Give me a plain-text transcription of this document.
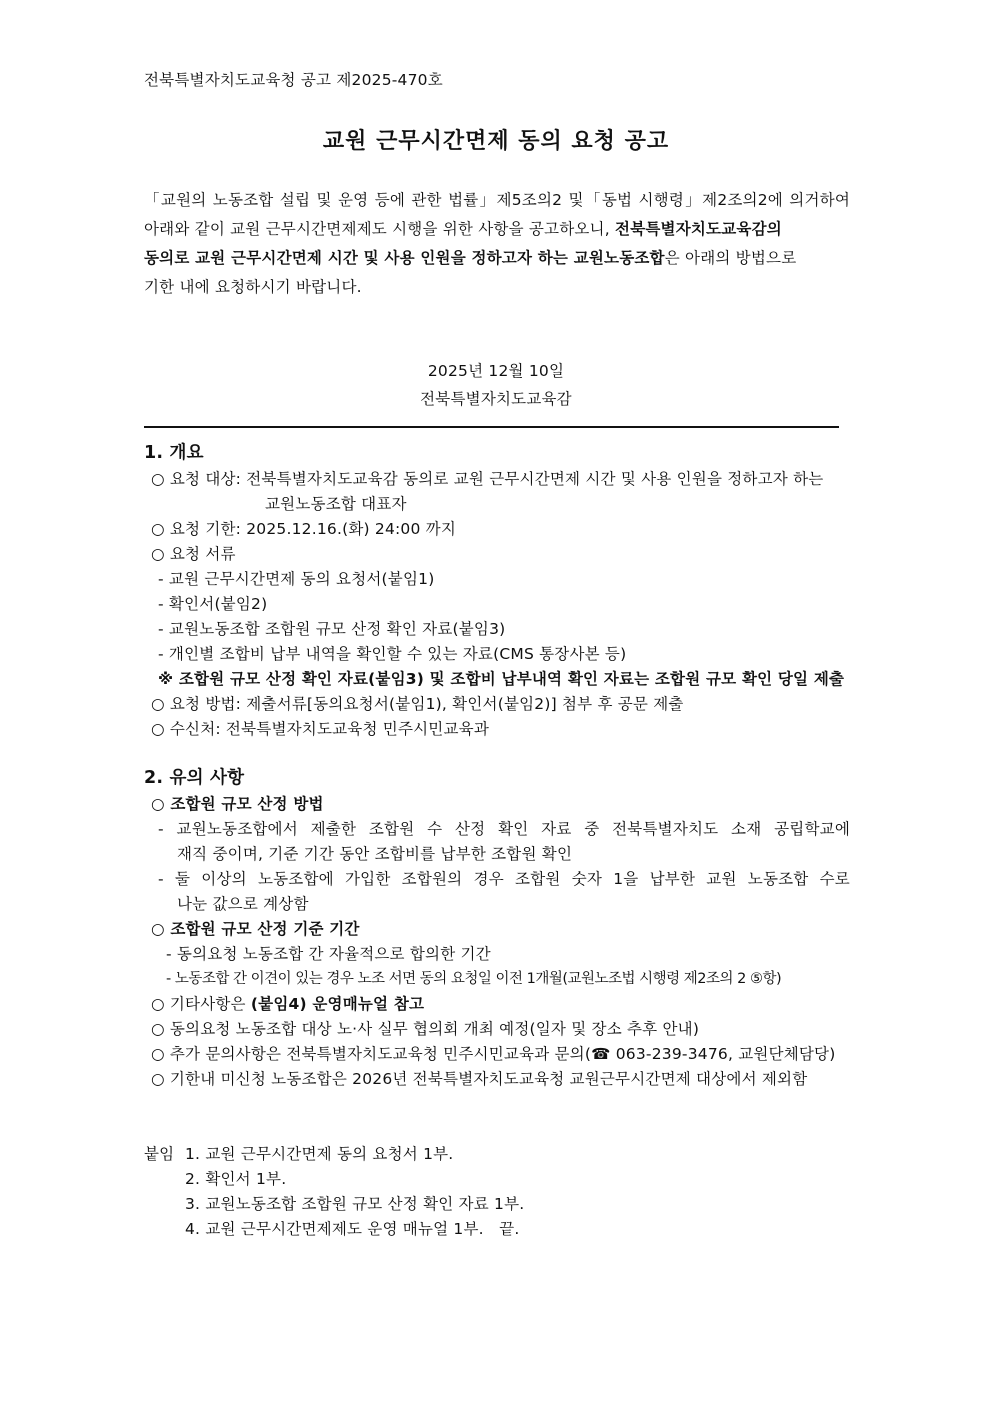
전북특별자치도교육청 공고 제2025-470호
교원 근무시간면제 동의 요청 공고
「교원의 노동조합 설립 및 운영 등에 관한 법률」제5조의2 및「동법 시행령」제2조의2에 의거하여
아래와 같이 교원 근무시간면제제도 시행을 위한 사항을 공고하오니, 전북특별자치도교육감의
동의로 교원 근무시간면제 시간 및 사용 인원을 정하고자 하는 교원노동조합은 아래의 방법으로
기한 내에 요청하시기 바랍니다.
2025년 12월 10일
전북특별자치도교육감
1. 개요
○ 요청 대상: 전북특별자치도교육감 동의로 교원 근무시간면제 시간 및 사용 인원을 정하고자 하는
교원노동조합 대표자
○ 요청 기한: 2025.12.16.(화) 24:00 까지
○ 요청 서류
- 교원 근무시간면제 동의 요청서(붙임1)
- 확인서(붙임2)
- 교원노동조합 조합원 규모 산정 확인 자료(붙임3)
- 개인별 조합비 납부 내역을 확인할 수 있는 자료(CMS 통장사본 등)
※ 조합원 규모 산정 확인 자료(붙임3) 및 조합비 납부내역 확인 자료는 조합원 규모 확인 당일 제출
○ 요청 방법: 제출서류[동의요청서(붙임1), 확인서(붙임2)] 첨부 후 공문 제출
○ 수신처: 전북특별자치도교육청 민주시민교육과
2. 유의 사항
○ 조합원 규모 산정 방법
- 교원노동조합에서 제출한 조합원 수 산정 확인 자료 중 전북특별자치도 소재 공립학교에
재직 중이며, 기준 기간 동안 조합비를 납부한 조합원 확인
- 둘 이상의 노동조합에 가입한 조합원의 경우 조합원 숫자 1을 납부한 교원 노동조합 수로
나눈 값으로 계상함
○ 조합원 규모 산정 기준 기간
- 동의요청 노동조합 간 자율적으로 합의한 기간
- 노동조합 간 이견이 있는 경우 노조 서면 동의 요청일 이전 1개월(교원노조법 시행령 제2조의 2 ⑤항)
○ 기타사항은 (붙임4) 운영매뉴얼 참고
○ 동의요청 노동조합 대상 노·사 실무 협의회 개최 예정(일자 및 장소 추후 안내)
○ 추가 문의사항은 전북특별자치도교육청 민주시민교육과 문의(☎ 063-239-3476, 교원단체담당)
○ 기한내 미신청 노동조합은 2026년 전북특별자치도교육청 교원근무시간면제 대상에서 제외함
붙임 1. 교원 근무시간면제 동의 요청서 1부.
2. 확인서 1부.
3. 교원노동조합 조합원 규모 산정 확인 자료 1부.
4. 교원 근무시간면제제도 운영 매뉴얼 1부.   끝.
